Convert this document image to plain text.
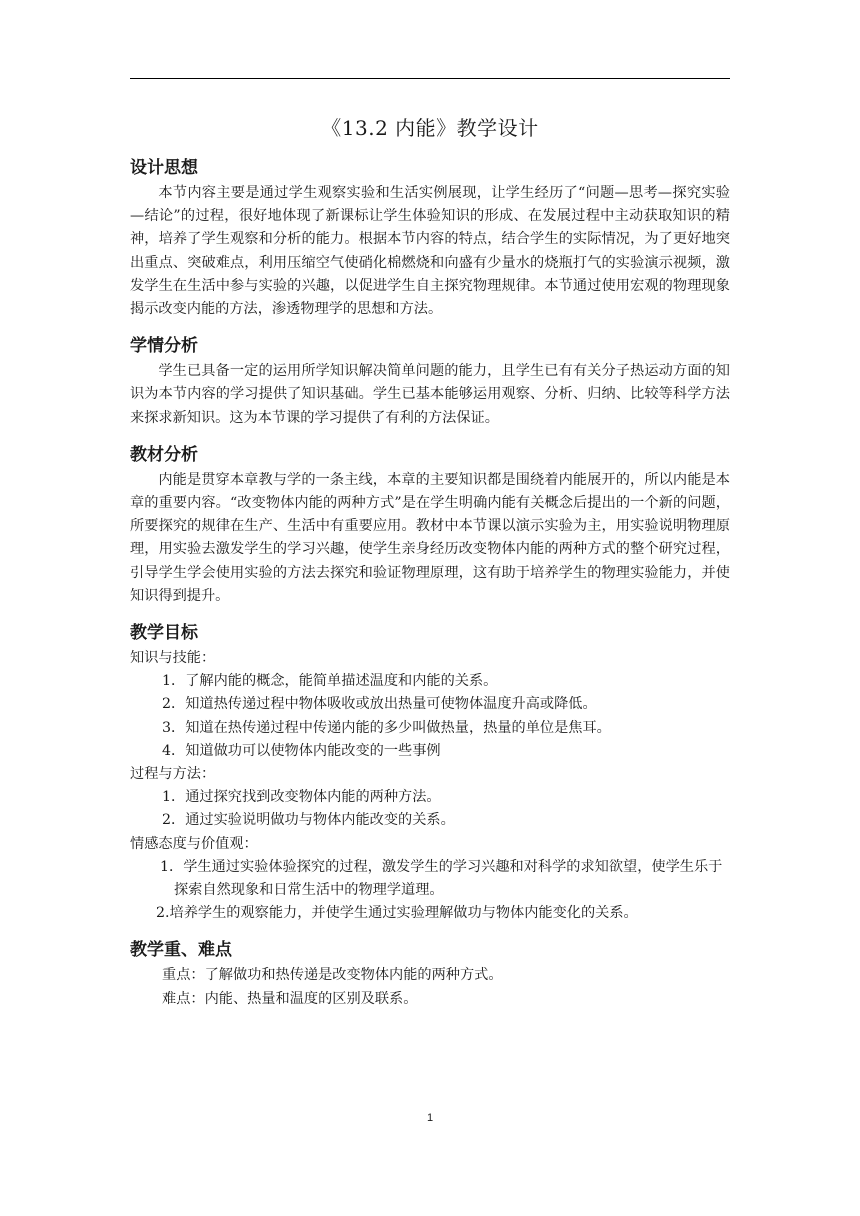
《13.2 内能》教学设计
设计思想

本节内容主要是通过学生观察实验和生活实例展现，让学生经历了“问题—思考—探究实验—结论”的过程，很好地体现了新课标让学生体验知识的形成、在发展过程中主动获取知识的精神，培养了学生观察和分析的能力。根据本节内容的特点，结合学生的实际情况，为了更好地突出重点、突破难点，利用压缩空气使硝化棉燃烧和向盛有少量水的烧瓶打气的实验演示视频，激发学生在生活中参与实验的兴趣，以促进学生自主探究物理规律。本节通过使用宏观的物理现象揭示改变内能的方法，渗透物理学的思想和方法。

学情分析

学生已具备一定的运用所学知识解决简单问题的能力，且学生已有有关分子热运动方面的知识为本节内容的学习提供了知识基础。学生已基本能够运用观察、分析、归纳、比较等科学方法来探求新知识。这为本节课的学习提供了有利的方法保证。

教材分析

内能是贯穿本章教与学的一条主线，本章的主要知识都是围绕着内能展开的，所以内能是本章的重要内容。“改变物体内能的两种方式”是在学生明确内能有关概念后提出的一个新的问题，所要探究的规律在生产、生活中有重要应用。教材中本节课以演示实验为主，用实验说明物理原理，用实验去激发学生的学习兴趣，使学生亲身经历改变物体内能的两种方式的整个研究过程，引导学生学会使用实验的方法去探究和验证物理原理，这有助于培养学生的物理实验能力，并使知识得到提升。

教学目标

知识与技能：

1．了解内能的概念，能简单描述温度和内能的关系。

2．知道热传递过程中物体吸收或放出热量可使物体温度升高或降低。

3．知道在热传递过程中传递内能的多少叫做热量，热量的单位是焦耳。

4．知道做功可以使物体内能改变的一些事例

过程与方法：

1．通过探究找到改变物体内能的两种方法。

2．通过实验说明做功与物体内能改变的关系。

情感态度与价值观：

1．学生通过实验体验探究的过程，激发学生的学习兴趣和对科学的求知欲望，使学生乐于探索自然现象和日常生活中的物理学道理。

2.培养学生的观察能力，并使学生通过实验理解做功与物体内能变化的关系。

教学重、难点

重点：了解做功和热传递是改变物体内能的两种方式。

难点：内能、热量和温度的区别及联系。

1
